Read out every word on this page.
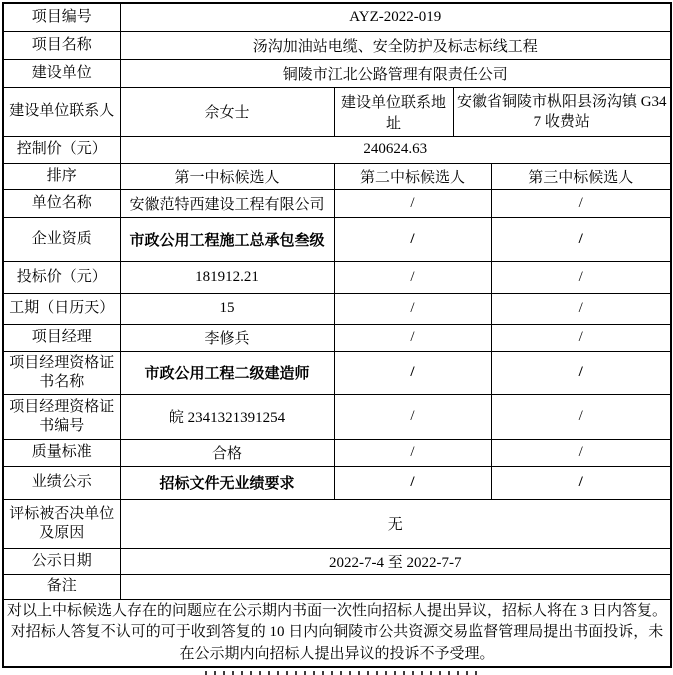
项目编号	AYZ-2022-019			
项目名称	汤沟加油站电缆、安全防护及标志标线工程			
建设单位	铜陵市江北公路管理有限责任公司			
建设单位联系人	佘女士	建设单位联系地址	安徽省铜陵市枞阳县汤沟镇 G347 收费站	
控制价（元）	240624.63			
排序	第一中标候选人	第二中标候选人		第三中标候选人
单位名称	安徽范特西建设工程有限公司	/		/
企业资质	市政公用工程施工总承包叁级	/		/
投标价（元）	181912.21	/		/
工期（日历天）	15	/		/
项目经理	李修兵	/		/
项目经理资格证书名称	市政公用工程二级建造师	/		/
项目经理资格证书编号	皖 2341321391254	/		/
质量标准	合格	/		/
业绩公示	招标文件无业绩要求	/		/
评标被否决单位及原因	无			
公示日期	2022-7-4 至 2022-7-7			
备注				
对以上中标候选人存在的问题应在公示期内书面一次性向招标人提出异议，招标人将在 3 日内答复。对招标人答复不认可的可于收到答复的 10 日内向铜陵市公共资源交易监督管理局提出书面投诉，未在公示期内向招标人提出异议的投诉不予受理。				
